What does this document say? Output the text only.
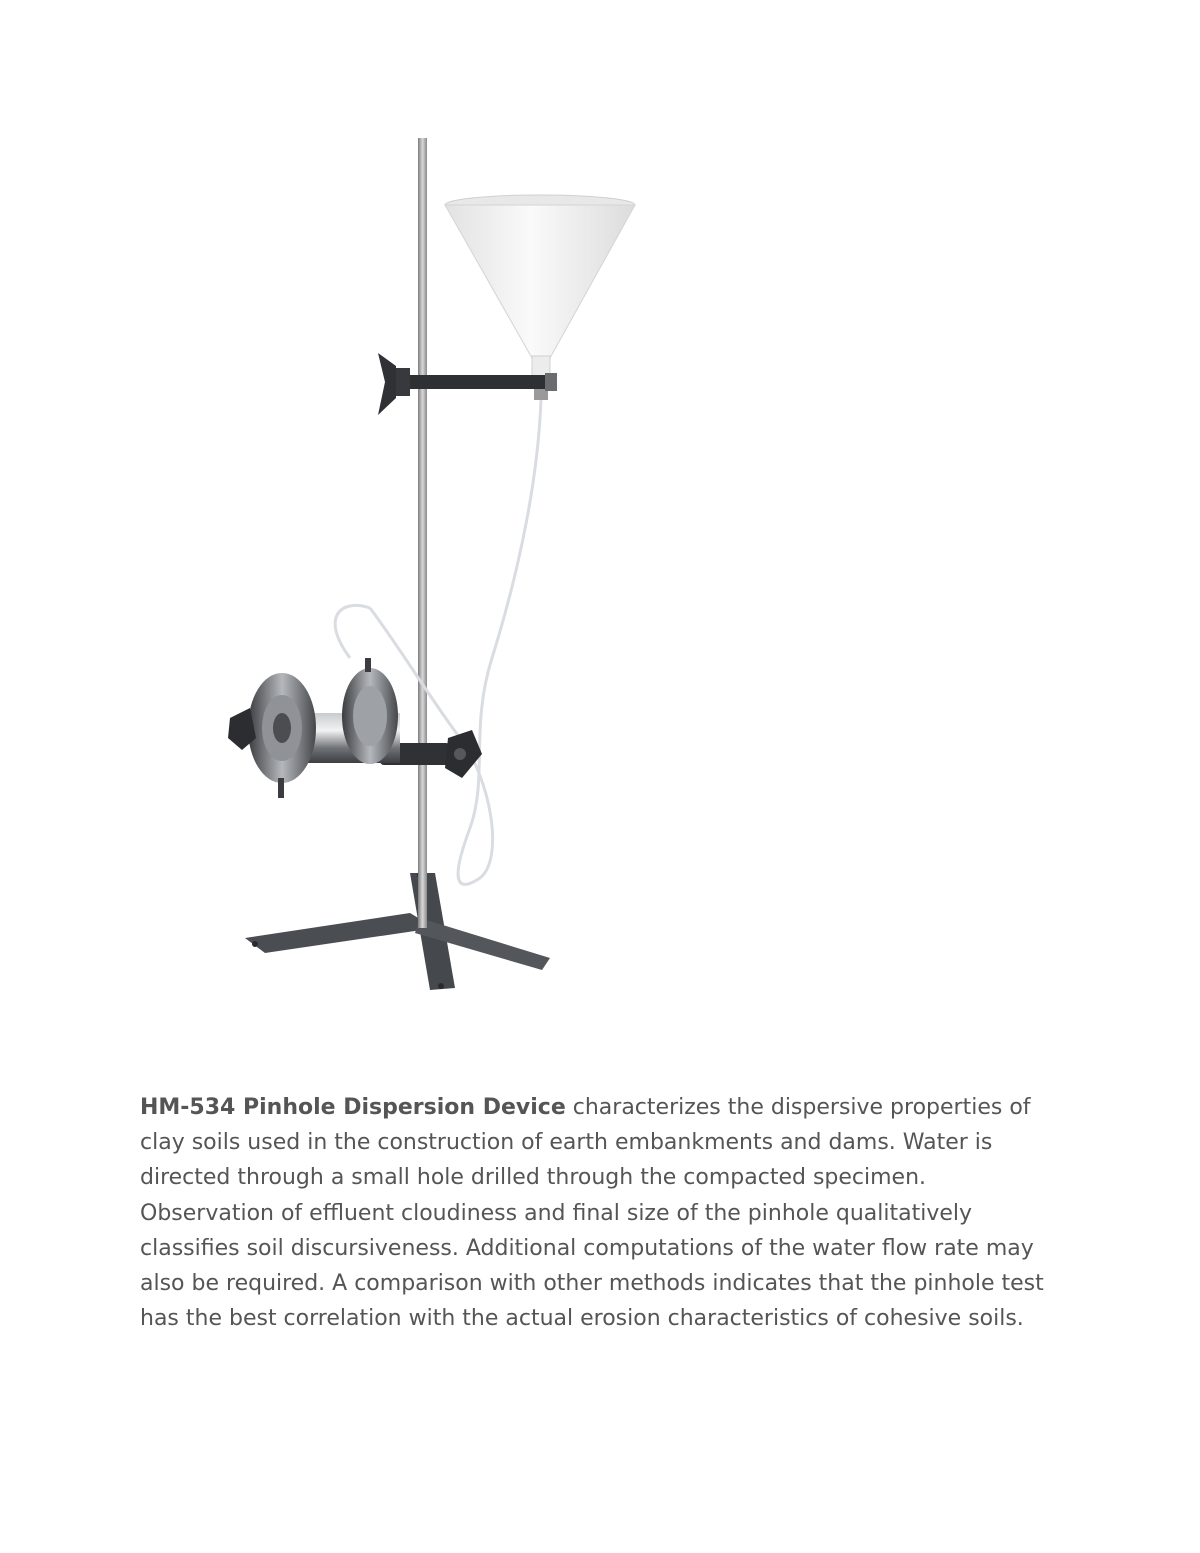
HM-534 Pinhole Dispersion Device characterizes the dispersive properties of clay soils used in the construction of earth embankments and dams. Water is directed through a small hole drilled through the compacted specimen. Observation of effluent cloudiness and final size of the pinhole qualitatively classifies soil discursiveness. Additional computations of the water flow rate may also be required. A comparison with other methods indicates that the pinhole test has the best correlation with the actual erosion characteristics of cohesive soils.
